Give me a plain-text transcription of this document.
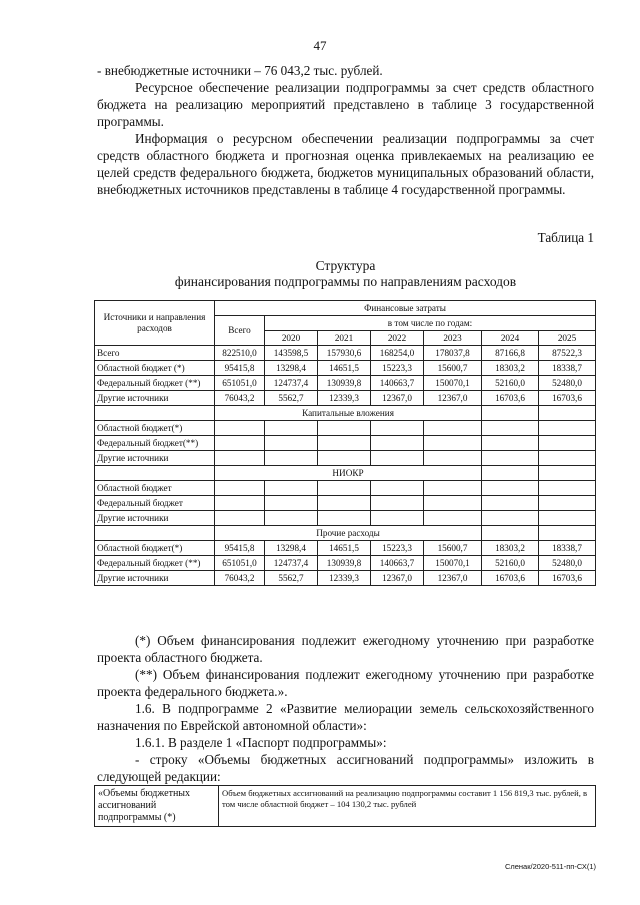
47

- внебюджетные источники – 76 043,2 тыс. рублей.

Ресурсное обеспечение реализации подпрограммы за счет средств областного бюджета на реализацию мероприятий представлено в таблице 3 государственной программы.

Информация о ресурсном обеспечении реализации подпрограммы за счет средств областного бюджета и прогнозная оценка привлекаемых на реализацию ее целей средств федерального бюджета, бюджетов муниципальных образований области, внебюджетных источников представлены в таблице 4 государственной программы.

Таблица 1
Структура
финансирования подпрограммы по направлениям расходов
Источники и направления расходов	Финансовые затраты						
	Всего	в том числе по годам:					
		2020	2021	2022	2023	2024	2025
Всего	822510,0	143598,5	157930,6	168254,0	178037,8	87166,8	87522,3
Областной бюджет (*)	95415,8	13298,4	14651,5	15223,3	15600,7	18303,2	18338,7
Федеральный бюджет (**)	651051,0	124737,4	130939,8	140663,7	150070,1	52160,0	52480,0
Другие источники	76043,2	5562,7	12339,3	12367,0	12367,0	16703,6	16703,6
	Капитальные вложения						
Областной бюджет(*)							
Федеральный бюджет(**)							
Другие источники							
	НИОКР						
Областной бюджет							
Федеральный бюджет							
Другие источники							
	Прочие расходы						
Областной бюджет(*)	95415,8	13298,4	14651,5	15223,3	15600,7	18303,2	18338,7
Федеральный бюджет (**)	651051,0	124737,4	130939,8	140663,7	150070,1	52160,0	52480,0
Другие источники	76043,2	5562,7	12339,3	12367,0	12367,0	16703,6	16703,6

(*) Объем финансирования подлежит ежегодному уточнению при разработке проекта областного бюджета.

(**) Объем финансирования подлежит ежегодному уточнению при разработке проекта федерального бюджета.».

1.6. В подпрограмме 2 «Развитие мелиорации земель сельскохозяйственного назначения по Еврейской автономной области»:

1.6.1. В разделе 1 «Паспорт подпрограммы»:

- строку «Объемы бюджетных ассигнований подпрограммы» изложить в следующей редакции:

«Объемы бюджетных ассигнований подпрограммы (*)	Объем бюджетных ассигнований на реализацию подпрограммы составит 1 156 819,3 тыс. рублей, в том числе областной бюджет – 104 130,2 тыс. рублей
Сленак/2020-511-пп-СХ(1)
